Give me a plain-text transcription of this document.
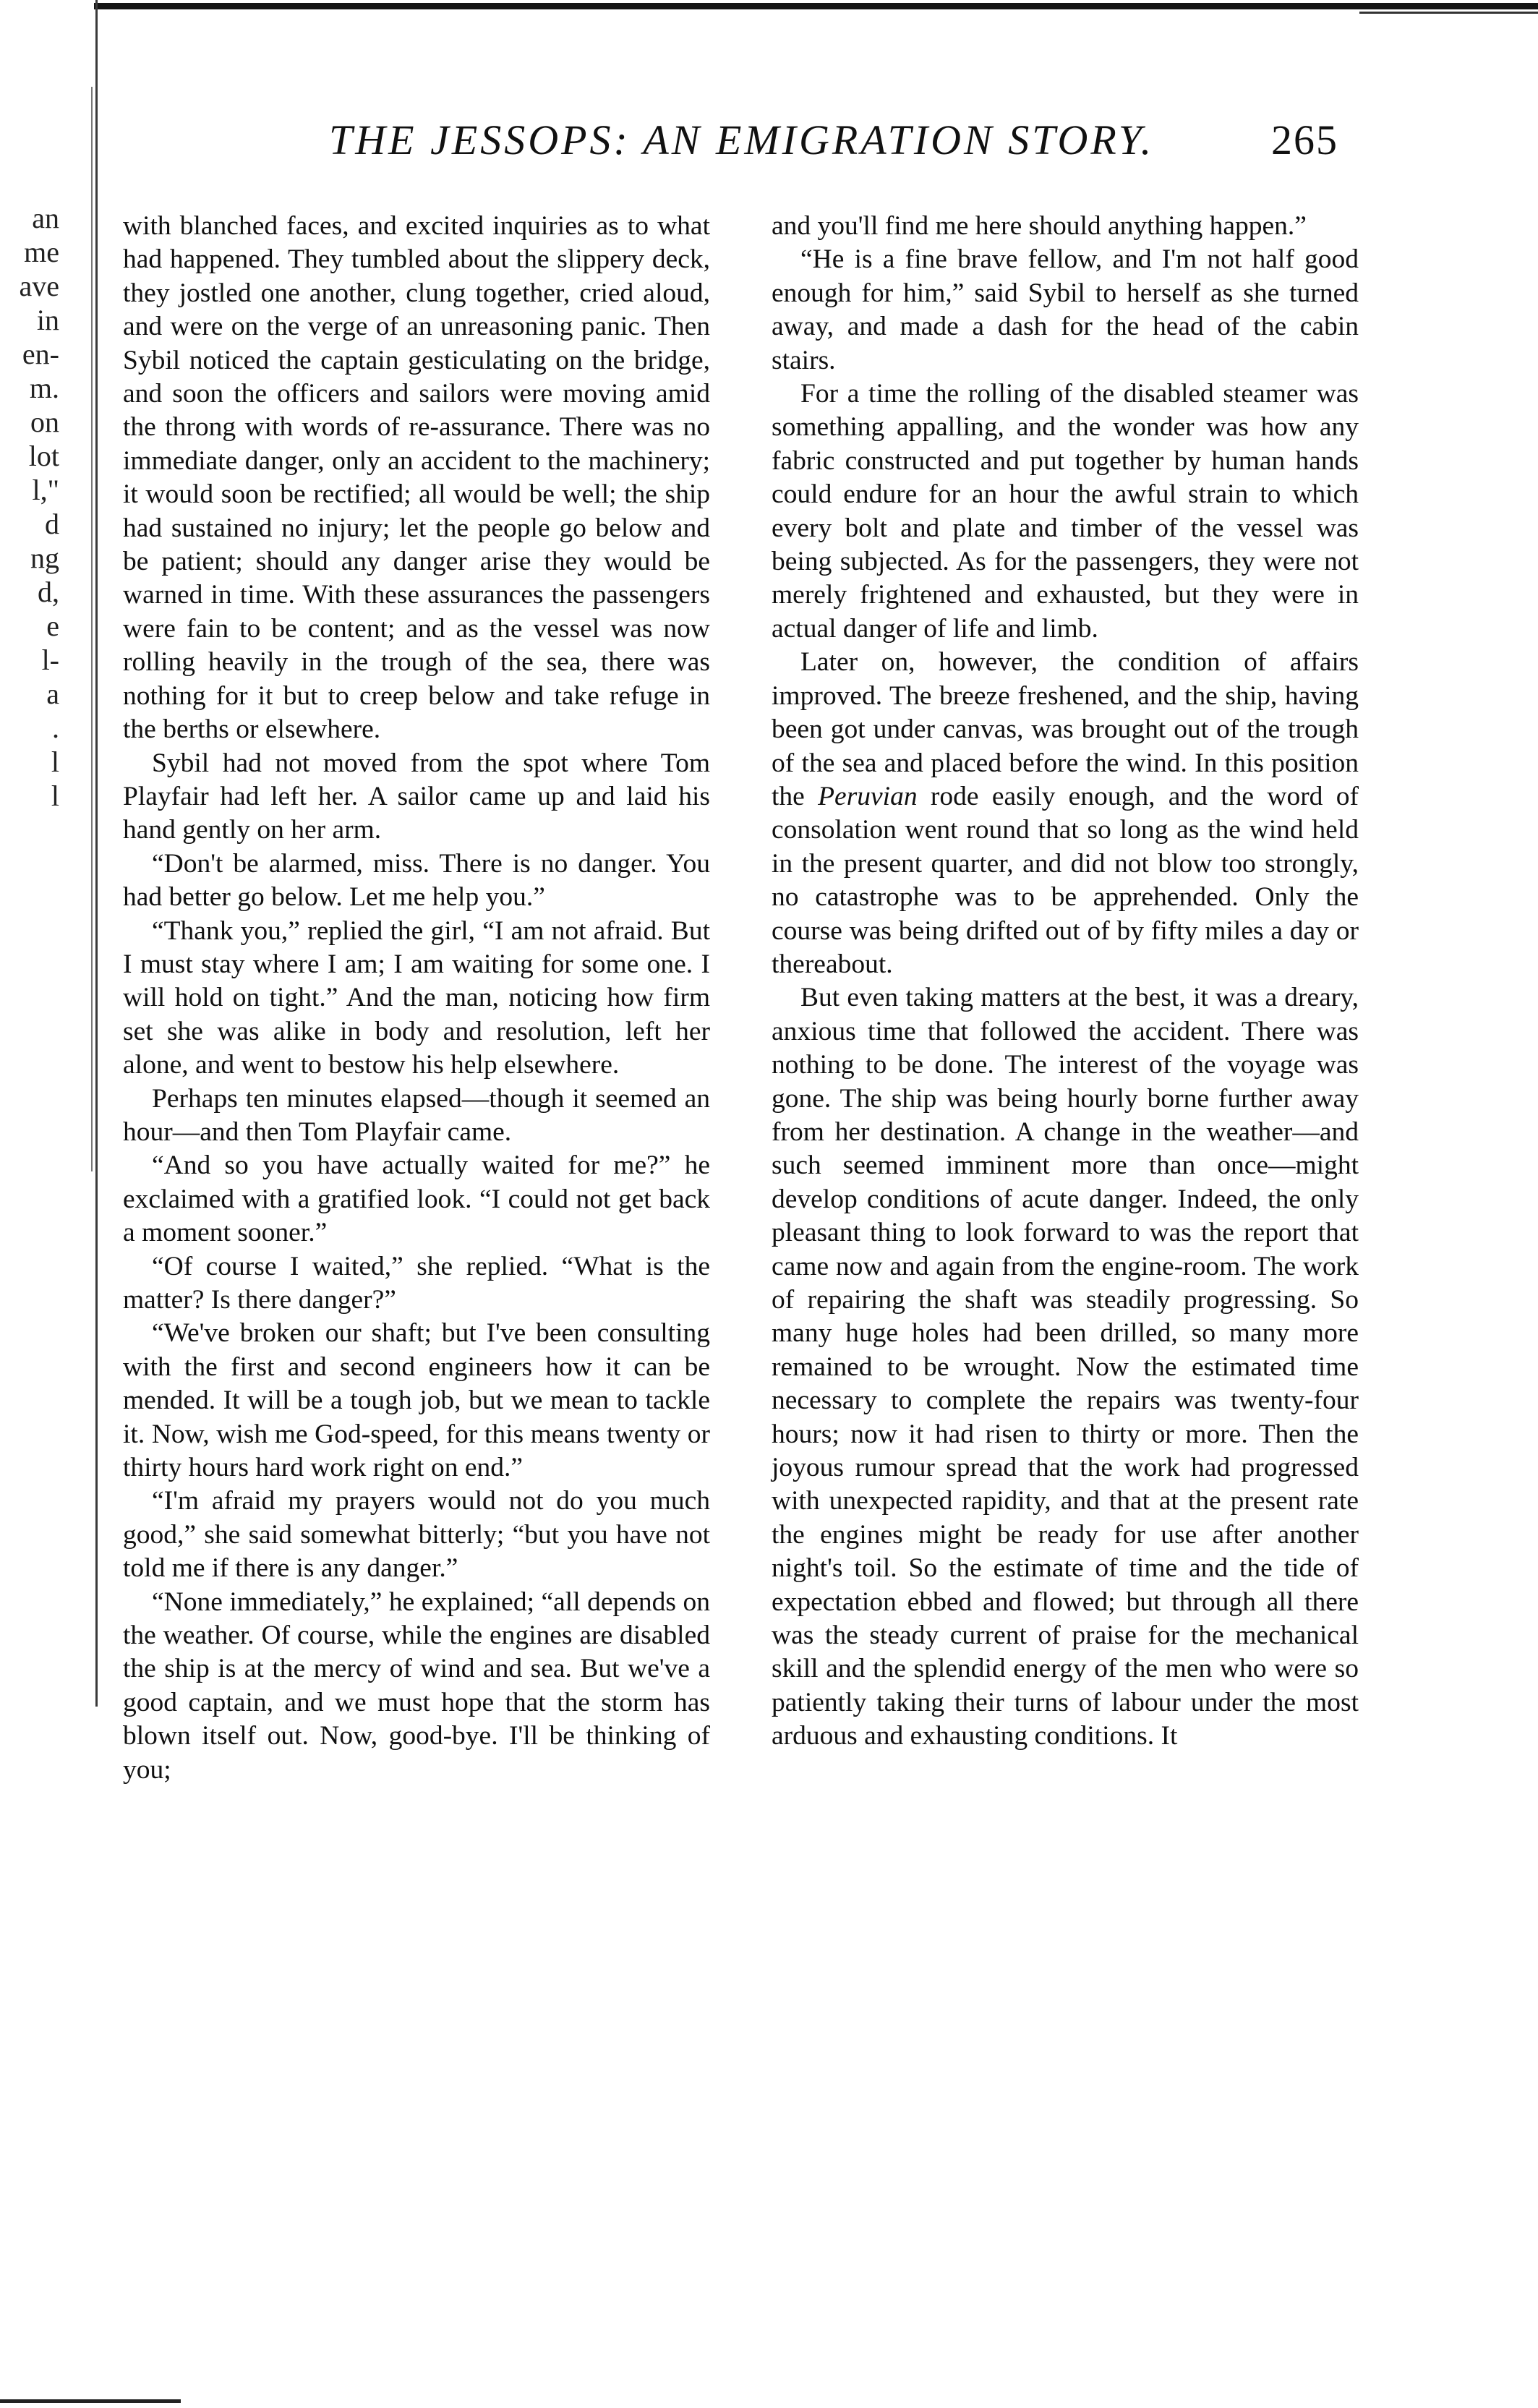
THE JESSOPS: AN EMIGRATION STORY.	265
an
me
ave
in
en-
m.
on
lot
l,"
d
ng
d,
e
l-
a
.
l
l

with blanched faces, and excited inquiries as to what had happened. They tumbled about the slippery deck, they jostled one another, clung together, cried aloud, and were on the verge of an unreasoning panic. Then Sybil noticed the captain gesticulating on the bridge, and soon the officers and sailors were moving amid the throng with words of re-assurance. There was no immediate danger, only an accident to the machinery; it would soon be rectified; all would be well; the ship had sustained no injury; let the people go below and be patient; should any danger arise they would be warned in time. With these assurances the passengers were fain to be content; and as the vessel was now rolling heavily in the trough of the sea, there was nothing for it but to creep below and take refuge in the berths or elsewhere.

Sybil had not moved from the spot where Tom Playfair had left her. A sailor came up and laid his hand gently on her arm.

“Don't be alarmed, miss. There is no danger. You had better go below. Let me help you.”

“Thank you,” replied the girl, “I am not afraid. But I must stay where I am; I am waiting for some one. I will hold on tight.” And the man, noticing how firm set she was alike in body and resolution, left her alone, and went to bestow his help elsewhere.

Perhaps ten minutes elapsed—though it seemed an hour—and then Tom Playfair came.

“And so you have actually waited for me?” he exclaimed with a gratified look. “I could not get back a moment sooner.”

“Of course I waited,” she replied. “What is the matter? Is there danger?”

“We've broken our shaft; but I've been consulting with the first and second engineers how it can be mended. It will be a tough job, but we mean to tackle it. Now, wish me God-speed, for this means twenty or thirty hours hard work right on end.”

“I'm afraid my prayers would not do you much good,” she said somewhat bitterly; “but you have not told me if there is any danger.”

“None immediately,” he explained; “all depends on the weather. Of course, while the engines are disabled the ship is at the mercy of wind and sea. But we've a good captain, and we must hope that the storm has blown itself out. Now, good-bye. I'll be thinking of you;

and you'll find me here should anything happen.”

“He is a fine brave fellow, and I'm not half good enough for him,” said Sybil to herself as she turned away, and made a dash for the head of the cabin stairs.

For a time the rolling of the disabled steamer was something appalling, and the wonder was how any fabric constructed and put together by human hands could endure for an hour the awful strain to which every bolt and plate and timber of the vessel was being subjected. As for the passengers, they were not merely frightened and exhausted, but they were in actual danger of life and limb.

Later on, however, the condition of affairs improved. The breeze freshened, and the ship, having been got under canvas, was brought out of the trough of the sea and placed before the wind. In this position the Peruvian rode easily enough, and the word of consolation went round that so long as the wind held in the present quarter, and did not blow too strongly, no catastrophe was to be apprehended. Only the course was being drifted out of by fifty miles a day or thereabout.

But even taking matters at the best, it was a dreary, anxious time that followed the accident. There was nothing to be done. The interest of the voyage was gone. The ship was being hourly borne further away from her destination. A change in the weather—and such seemed imminent more than once—might develop conditions of acute danger. Indeed, the only pleasant thing to look forward to was the report that came now and again from the engine-room. The work of repairing the shaft was steadily progressing. So many huge holes had been drilled, so many more remained to be wrought. Now the estimated time necessary to complete the repairs was twenty-four hours; now it had risen to thirty or more. Then the joyous rumour spread that the work had progressed with unexpected rapidity, and that at the present rate the engines might be ready for use after another night's toil. So the estimate of time and the tide of expectation ebbed and flowed; but through all there was the steady current of praise for the mechanical skill and the splendid energy of the men who were so patiently taking their turns of labour under the most arduous and exhausting conditions. It
